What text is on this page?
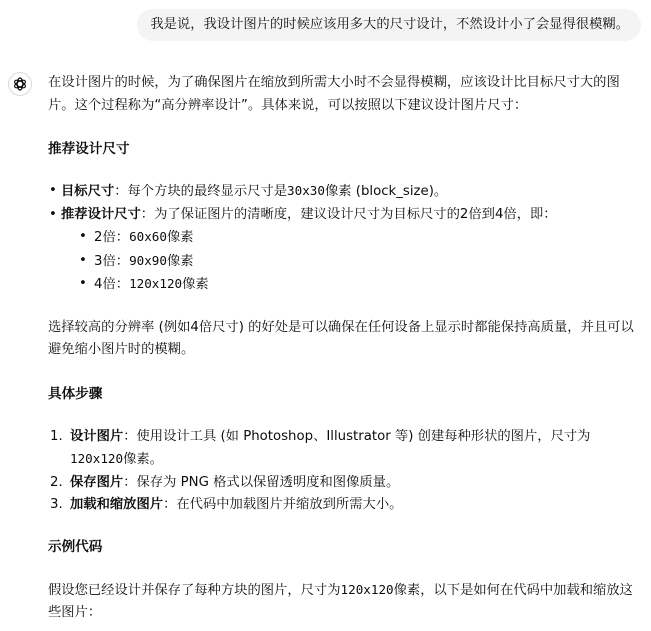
我是说，我设计图片的时候应该用多大的尺寸设计，不然设计小了会显得很模糊。

在设计图片的时候，为了确保图片在缩放到所需大小时不会显得模糊，应该设计比目标尺寸大的图片。这个过程称为“高分辨率设计”。具体来说，可以按照以下建议设计图片尺寸：

推荐设计尺寸
• 目标尺寸：每个方块的最终显示尺寸是30x30像素 (block_size)。
• 推荐设计尺寸：为了保证图片的清晰度，建议设计尺寸为目标尺寸的2倍到4倍，即：
• 2倍：60x60像素
• 3倍：90x90像素
• 4倍：120x120像素

选择较高的分辨率 (例如4倍尺寸) 的好处是可以确保在任何设备上显示时都能保持高质量，并且可以避免缩小图片时的模糊。

具体步骤
1. 设计图片：使用设计工具 (如 Photoshop、Illustrator 等) 创建每种形状的图片，尺寸为120x120像素。
2. 保存图片：保存为 PNG 格式以保留透明度和图像质量。
3. 加载和缩放图片：在代码中加载图片并缩放到所需大小。
示例代码

假设您已经设计并保存了每种方块的图片，尺寸为120x120像素，以下是如何在代码中加载和缩放这些图片：
